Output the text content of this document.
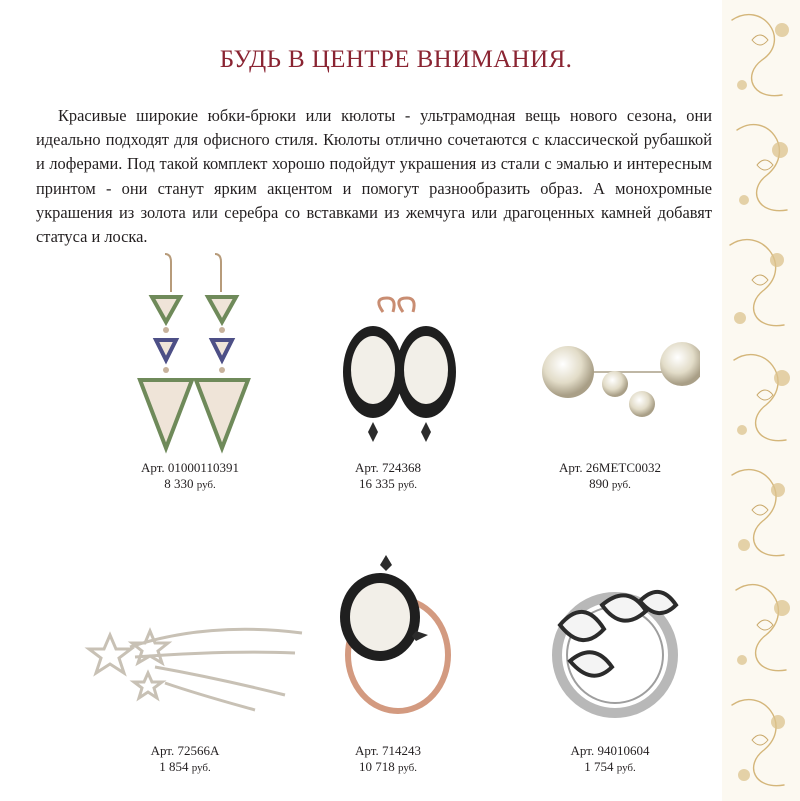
БУДЬ В ЦЕНТРЕ ВНИМАНИЯ.
Красивые широкие юбки-брюки или кюлоты - ультрамодная вещь нового сезона, они идеально подходят для офисного стиля. Кюлоты отлично сочетаются с классической рубашкой и лоферами. Под такой комплект хорошо подойдут украшения из стали с эмалью и интересным принтом - они станут ярким акцентом и помогут разнообразить образ. А монохромные украшения из золота или серебра со вставками из жемчуга или драгоценных камней добавят статуса и лоска.
Арт. 01000110391
8 330 руб.
Арт. 724368
16 335 руб.
Арт. 26МЕТС0032
890 руб.
Арт. 72566А
1 854 руб.
Арт. 714243
10 718 руб.
Арт. 94010604
1 754 руб.
